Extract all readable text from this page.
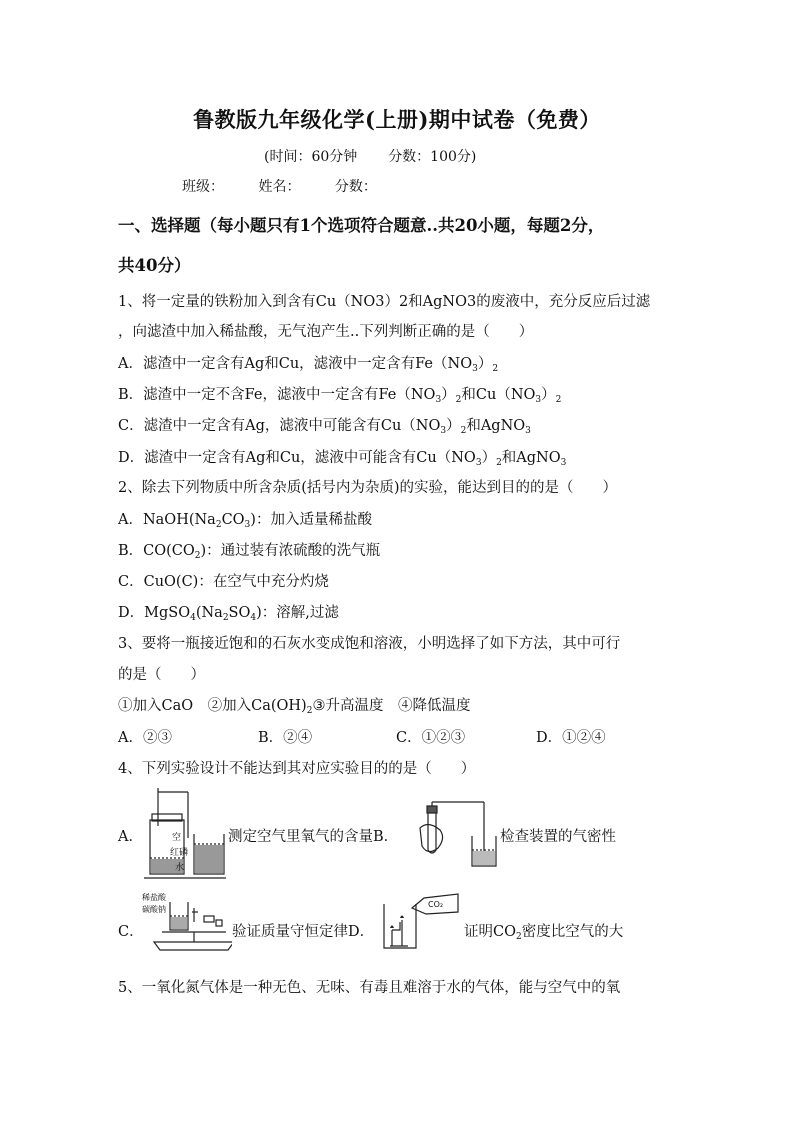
鲁教版九年级化学(上册)期中试卷（免费）
(时间：60分钟 分数：100分)
班级： 姓名： 分数：
一、选择题（每小题只有1个选项符合题意..共20小题，每题2分，
共40分）
1、将一定量的铁粉加入到含有Cu（NO3）2和AgNO3的废液中，充分反应后过滤
，向滤渣中加入稀盐酸，无气泡产生..下列判断正确的是（　　）
A．滤渣中一定含有Ag和Cu，滤液中一定含有$Fe(NO_3)_2$
B．滤渣中一定不含Fe，滤液中一定含有$Fe(NO_3)_2$和$Cu(NO_3)_2$
C．滤渣中一定含有Ag，滤液中可能含有$Cu(NO_3)_2$和AgNO$_3$
D．滤渣中一定含有Ag和Cu，滤液中可能含有$Cu(NO_3)_2$和AgNO$_3$
2、除去下列物质中所含杂质(括号内为杂质)的实验，能达到目的的是（　　）
A．$NaOH(Na_2CO_3)$：加入适量稀盐酸
B．$CO(CO_2)$：通过装有浓硫酸的洗气瓶
C．CuO(C)：在空气中充分灼烧
D．$MgSO_4(Na_2SO_4)$：溶解,过滤
3、要将一瓶接近饱和的石灰水变成饱和溶液，小明选择了如下方法，其中可行
的是（　　）
①加入CaO　②加入$Ca(OH)_2③$升高温度　④降低温度
A．②③	B．②④	C．①②③	D．①②④
4、下列实验设计不能达到其对应实验目的的是（　　）
A．	空
红磷
水
测定空气里氧气的含量B．	检查装置的气密性
C．
稀盐酸
碳酸钠
验证质量守恒定律D．
CO₂
证明$CO_2$密度比空气的大
5、一氧化氮气体是一种无色、无味、有毒且难溶于水的气体，能与空气中的氧
